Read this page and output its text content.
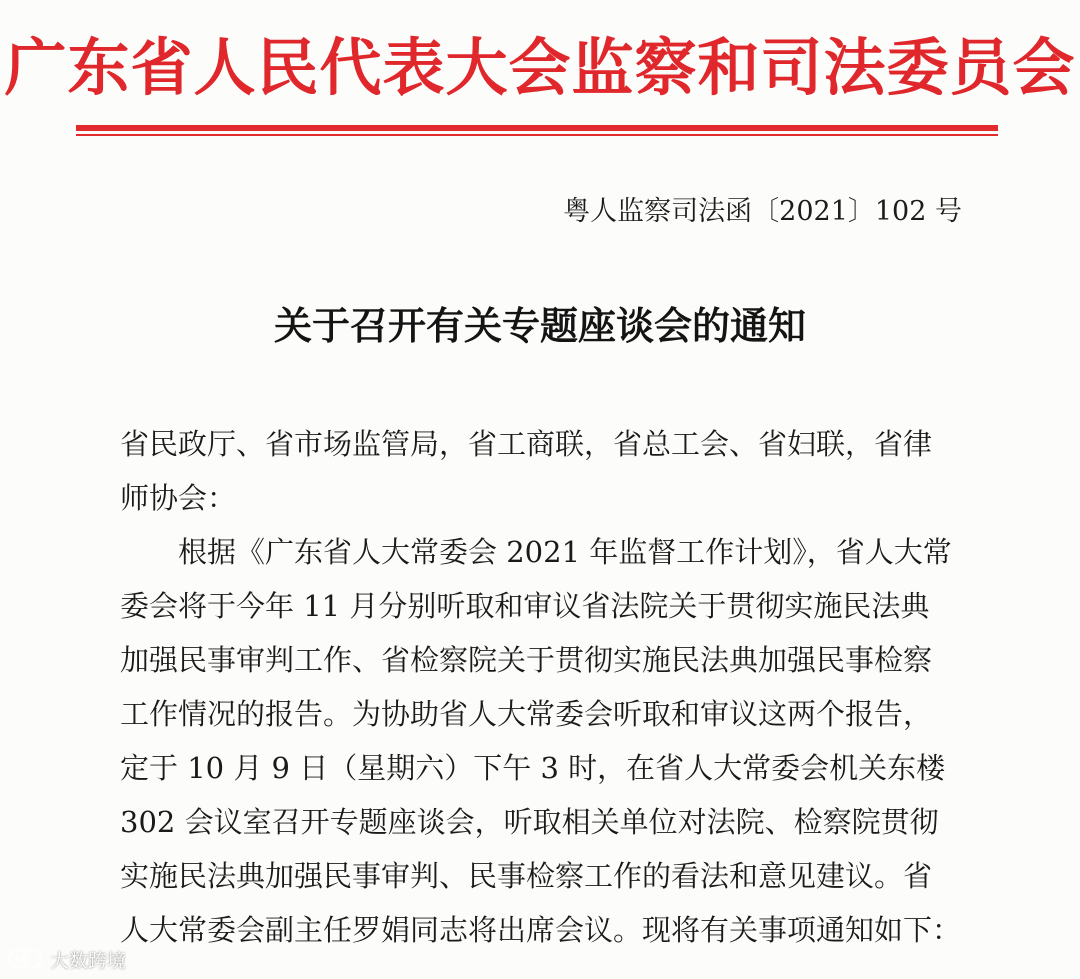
广东省人民代表大会监察和司法委员会
粤人监察司法函〔2021〕102 号
关于召开有关专题座谈会的通知
省民政厅、省市场监管局，省工商联，省总工会、省妇联，省律
师协会：
　　根据《广东省人大常委会 2021 年监督工作计划》，省人大常
委会将于今年 11 月分别听取和审议省法院关于贯彻实施民法典
加强民事审判工作、省检察院关于贯彻实施民法典加强民事检察
工作情况的报告。为协助省人大常委会听取和审议这两个报告，
定于 10 月 9 日（星期六）下午 3 时，在省人大常委会机关东楼
302 会议室召开专题座谈会，听取相关单位对法院、检察院贯彻
实施民法典加强民事审判、民事检察工作的看法和意见建议。省
人大常委会副主任罗娟同志将出席会议。现将有关事项通知如下：
大数跨境
